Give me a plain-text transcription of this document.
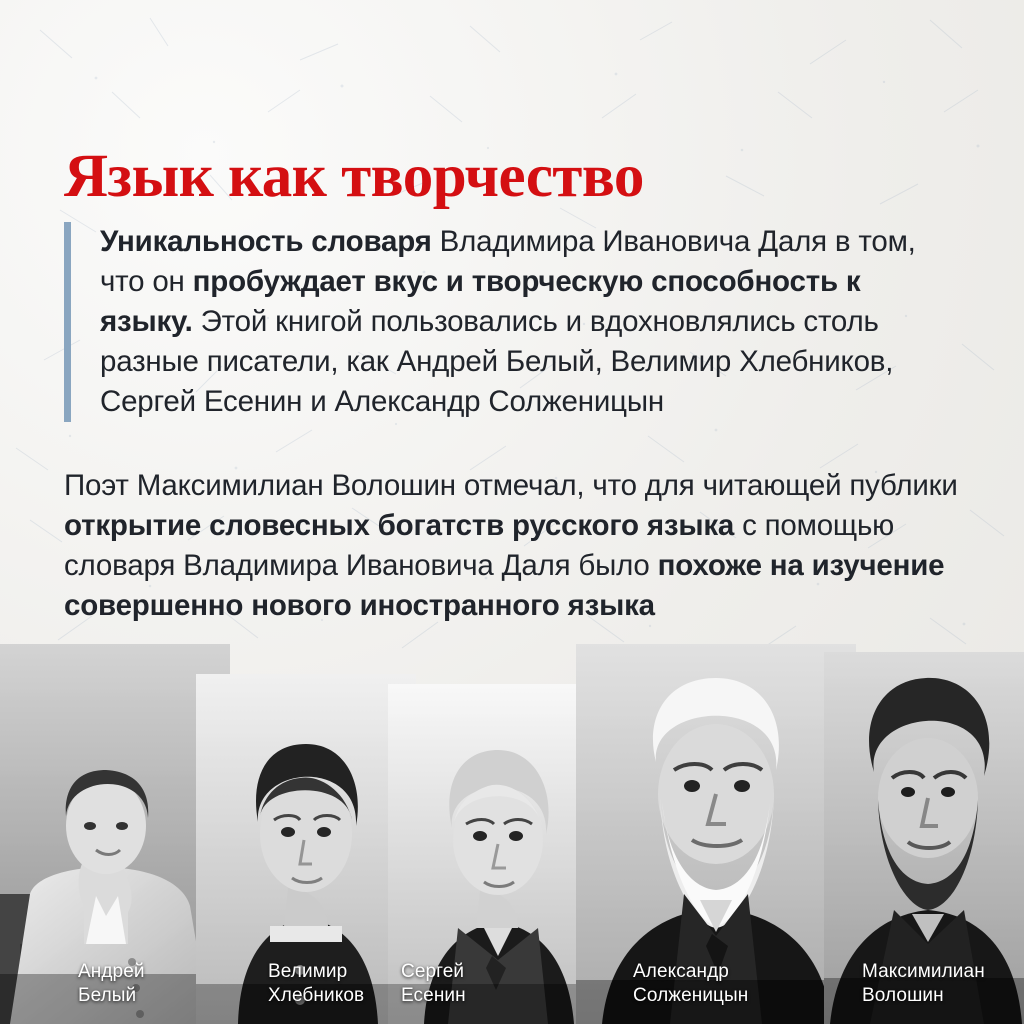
Язык как творчество
Уникальность словаря Владимира Ивановича Даля в том, что он пробуждает вкус и творческую способность к языку. Этой книгой пользовались и вдохновлялись столь разные писатели, как Андрей Белый, Велимир Хлебников, Сергей Есенин и Александр Солженицын
Поэт Максимилиан Волошин отмечал, что для читающей публики открытие словесных богатств русского языка с помощью словаря Владимира Ивановича Даля было похоже на изучение совершенно нового иностранного языка
Андрей
Белый
Велимир
Хлебников
Сергей
Есенин
Александр
Солженицын
Максимилиан
Волошин
